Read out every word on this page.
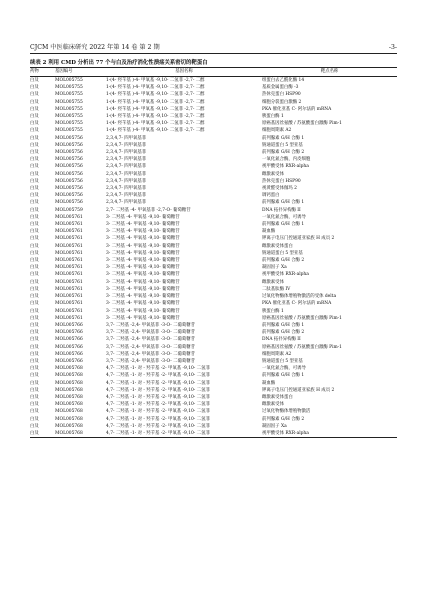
CJCM 中医临床研究 2022 年第 14 卷 第 2 期	-3-
续表 2 利用 CMD 分析出 77 个与白及治疗消化性溃疡关系密切的靶蛋白
药物	基因编号	基因名称	靶点名称
白及	MOL005755	1-(4- 羟苄基 )-4- 甲氧基 -9,10- 二氢菲 -2,7- 二醇	组蛋白去乙酰化酶 14
白及	MOL005755	1-(4- 羟苄基 )-4- 甲氧基 -9,10- 二氢菲 -2,7- 二醇	基质金属蛋白酶 -3
白及	MOL005755	1-(4- 羟苄基 )-4- 甲氧基 -9,10- 二氢菲 -2,7- 二醇	热休克蛋白 HSP90
白及	MOL005755	1-(4- 羟苄基 )-4- 甲氧基 -9,10- 二氢菲 -2,7- 二醇	细胞分裂蛋白激酶 2
白及	MOL005755	1-(4- 羟苄基 )-4- 甲氧基 -9,10- 二氢菲 -2,7- 二醇	PKA 催化亚基 C- 阿尔法的 mRNA
白及	MOL005755	1-(4- 羟苄基 )-4- 甲氧基 -9,10- 二氢菲 -2,7- 二醇	胰蛋白酶 1
白及	MOL005755	1-(4- 羟苄基 )-4- 甲氧基 -9,10- 二氢菲 -2,7- 二醇	原癌基因丝氨酸 / 苏氨酸蛋白激酶 Pim-1
白及	MOL005755	1-(4- 羟苄基 )-4- 甲氧基 -9,10- 二氢菲 -2,7- 二醇	细胞周期素 A2
白及	MOL005756	2,3,4,7- 四甲氧基菲	前列腺素 G/H 合酶 1
白及	MOL005756	2,3,4,7- 四甲氧基菲	钠通道蛋白 5 型亚基
白及	MOL005756	2,3,4,7- 四甲氧基菲	前列腺素 G/H 合酶 2
白及	MOL005756	2,3,4,7- 四甲氧基菲	一氧化氮合酶，内皮细胞
白及	MOL005756	2,3,4,7- 四甲氧基菲	视甲酸受体 RXR-alpha
白及	MOL005756	2,3,4,7- 四甲氧基菲	雌激素受体
白及	MOL005756	2,3,4,7- 四甲氧基菲	热休克蛋白 HSP90
白及	MOL005756	2,3,4,7- 四甲氧基菲	视黄醛受体伽玛 2
白及	MOL005756	2,3,4,7- 四甲氧基菲	调钙蛋白
白及	MOL005756	2,3,4,7- 四甲氧基菲	前列腺素 G/H 合酶 1
白及	MOL005759	2,7- 二羟基 -4- 甲氧基菲 -2,7-O- 葡萄糖苷	DNA 拓扑异构酶 II
白及	MOL005761	3- 二羟基 -4- 甲氧基 -9,10- 葡萄糖苷	一氧化氮合酶，可诱导
白及	MOL005761	3- 二羟基 -4- 甲氧基 -9,10- 葡萄糖苷	前列腺素 G/H 合酶 1
白及	MOL005761	3- 二羟基 -4- 甲氧基 -9,10- 葡萄糖苷	凝血酶
白及	MOL005761	3- 二羟基 -4- 甲氧基 -9,10- 葡萄糖苷	钾离子电压门控通道亚家族 H 成员 2
白及	MOL005761	3- 二羟基 -4- 甲氧基 -9,10- 葡萄糖苷	雌激素受体蛋白
白及	MOL005761	3- 二羟基 -4- 甲氧基 -9,10- 葡萄糖苷	钠通道蛋白 5 型亚基
白及	MOL005761	3- 二羟基 -4- 甲氧基 -9,10- 葡萄糖苷	前列腺素 G/H 合酶 2
白及	MOL005761	3- 二羟基 -4- 甲氧基 -9,10- 葡萄糖苷	凝固因子 Xa
白及	MOL005761	3- 二羟基 -4- 甲氧基 -9,10- 葡萄糖苷	视甲酸受体 RXR-alpha
白及	MOL005761	3- 二羟基 -4- 甲氧基 -9,10- 葡萄糖苷	雌激素受体
白及	MOL005761	3- 二羟基 -4- 甲氧基 -9,10- 葡萄糖苷	二肽基肽酶 IV
白及	MOL005761	3- 二羟基 -4- 甲氧基 -9,10- 葡萄糖苷	过氧化物酶体增殖物激活的受体 delta
白及	MOL005761	3- 二羟基 -4- 甲氧基 -9,10- 葡萄糖苷	PKA 催化亚基 C- 阿尔法的 mRNA
白及	MOL005761	3- 二羟基 -4- 甲氧基 -9,10- 葡萄糖苷	胰蛋白酶 1
白及	MOL005761	3- 二羟基 -4- 甲氧基 -9,10- 葡萄糖苷	原癌基因丝氨酸 / 苏氨酸蛋白激酶 Pim-1
白及	MOL005766	3,7- 二羟基 -2,4- 甲氧基菲 -3-O- 二葡萄糖苷	前列腺素 G/H 合酶 1
白及	MOL005766	3,7- 二羟基 -2,4- 甲氧基菲 -3-O- 二葡萄糖苷	前列腺素 G/H 合酶 2
白及	MOL005766	3,7- 二羟基 -2,4- 甲氧基菲 -3-O- 二葡萄糖苷	DNA 拓扑异构酶 II
白及	MOL005766	3,7- 二羟基 -2,4- 甲氧基菲 -3-O- 二葡萄糖苷	原癌基因丝氨酸 / 苏氨酸蛋白激酶 Pim-1
白及	MOL005766	3,7- 二羟基 -2,4- 甲氧基菲 -3-O- 二葡萄糖苷	细胞周期素 A2
白及	MOL005766	3,7- 二羟基 -2,4- 甲氧基菲 -3-O- 二葡萄糖苷	钠通道蛋白 5 型亚基
白及	MOL005768	4,7- 二羟基 -1- 对 - 羟苄基 -2- 甲氧基 -9,10- 二氢菲	一氧化氮合酶，可诱导
白及	MOL005768	4,7- 二羟基 -1- 对 - 羟苄基 -2- 甲氧基 -9,10- 二氢菲	前列腺素 G/H 合酶 1
白及	MOL005768	4,7- 二羟基 -1- 对 - 羟苄基 -2- 甲氧基 -9,10- 二氢菲	凝血酶
白及	MOL005768	4,7- 二羟基 -1- 对 - 羟苄基 -2- 甲氧基 -9,10- 二氢菲	钾离子电压门控通道亚家族 H 成员 2
白及	MOL005768	4,7- 二羟基 -1- 对 - 羟苄基 -2- 甲氧基 -9,10- 二氢菲	雌激素受体蛋白
白及	MOL005768	4,7- 二羟基 -1- 对 - 羟苄基 -2- 甲氧基 -9,10- 二氢菲	雌激素受体
白及	MOL005768	4,7- 二羟基 -1- 对 - 羟苄基 -2- 甲氧基 -9,10- 二氢菲	过氧化物酶体增殖物激活
白及	MOL005768	4,7- 二羟基 -1- 对 - 羟苄基 -2- 甲氧基 -9,10- 二氢菲	前列腺素 G/H 合酶 2
白及	MOL005768	4,7- 二羟基 -1- 对 - 羟苄基 -2- 甲氧基 -9,10- 二氢菲	凝固因子 Xa
白及	MOL005768	4,7- 二羟基 -1- 对 - 羟苄基 -2- 甲氧基 -9,10- 二氢菲	视甲酸受体 RXR-alpha
